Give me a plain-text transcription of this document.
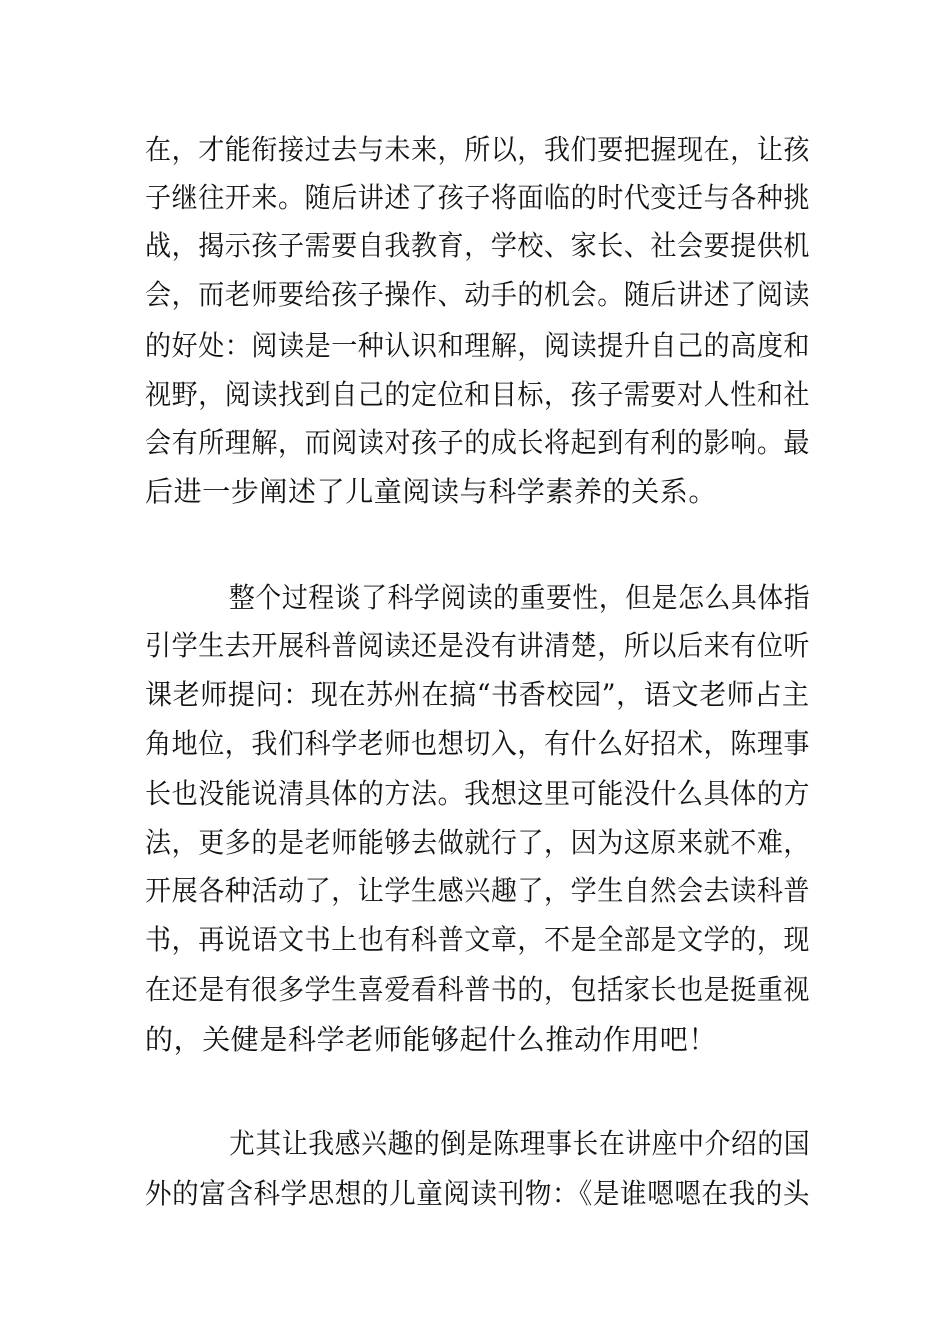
在，才能衔接过去与未来，所以，我们要把握现在，让孩
子继往开来。随后讲述了孩子将面临的时代变迁与各种挑
战，揭示孩子需要自我教育，学校、家长、社会要提供机
会，而老师要给孩子操作、动手的机会。随后讲述了阅读
的好处：阅读是一种认识和理解，阅读提升自己的高度和
视野，阅读找到自己的定位和目标，孩子需要对人性和社
会有所理解，而阅读对孩子的成长将起到有利的影响。最
后进一步阐述了儿童阅读与科学素养的关系。
整个过程谈了科学阅读的重要性，但是怎么具体指
引学生去开展科普阅读还是没有讲清楚，所以后来有位听
课老师提问：现在苏州在搞“书香校园”，语文老师占主
角地位，我们科学老师也想切入，有什么好招术，陈理事
长也没能说清具体的方法。我想这里可能没什么具体的方
法，更多的是老师能够去做就行了，因为这原来就不难，
开展各种活动了，让学生感兴趣了，学生自然会去读科普
书，再说语文书上也有科普文章，不是全部是文学的，现
在还是有很多学生喜爱看科普书的，包括家长也是挺重视
的，关健是科学老师能够起什么推动作用吧！
尤其让我感兴趣的倒是陈理事长在讲座中介绍的国
外的富含科学思想的儿童阅读刊物：《是谁嗯嗯在我的头
